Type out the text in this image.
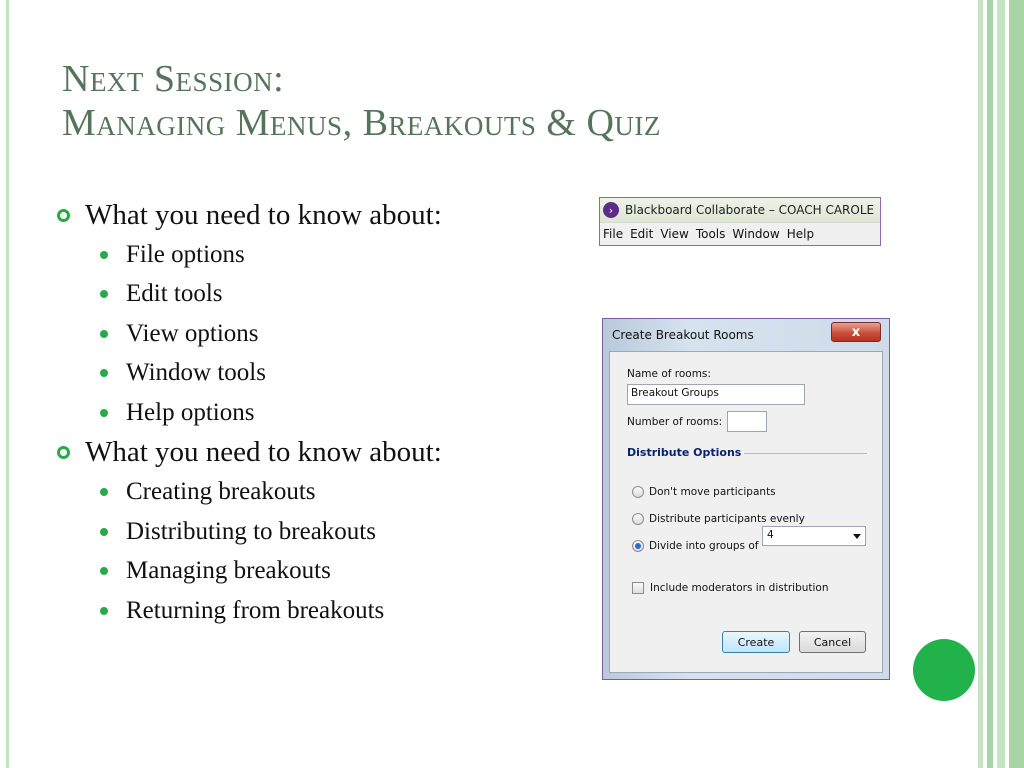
Next Session:
Managing Menus, Breakouts & Quiz
What you need to know about:
File options
Edit tools
View options
Window tools
Help options
What you need to know about:
Creating breakouts
Distributing to breakouts
Managing breakouts
Returning from breakouts
› Blackboard Collaborate – COACH CAROLE
File Edit View Tools Window Help
Create Breakout Rooms	x
Name of rooms:
Breakout Groups
Number of rooms:
Distribute Options
Don't move participants
Distribute participants evenly
Divide into groups of
4
Include moderators in distribution
Create	Cancel
